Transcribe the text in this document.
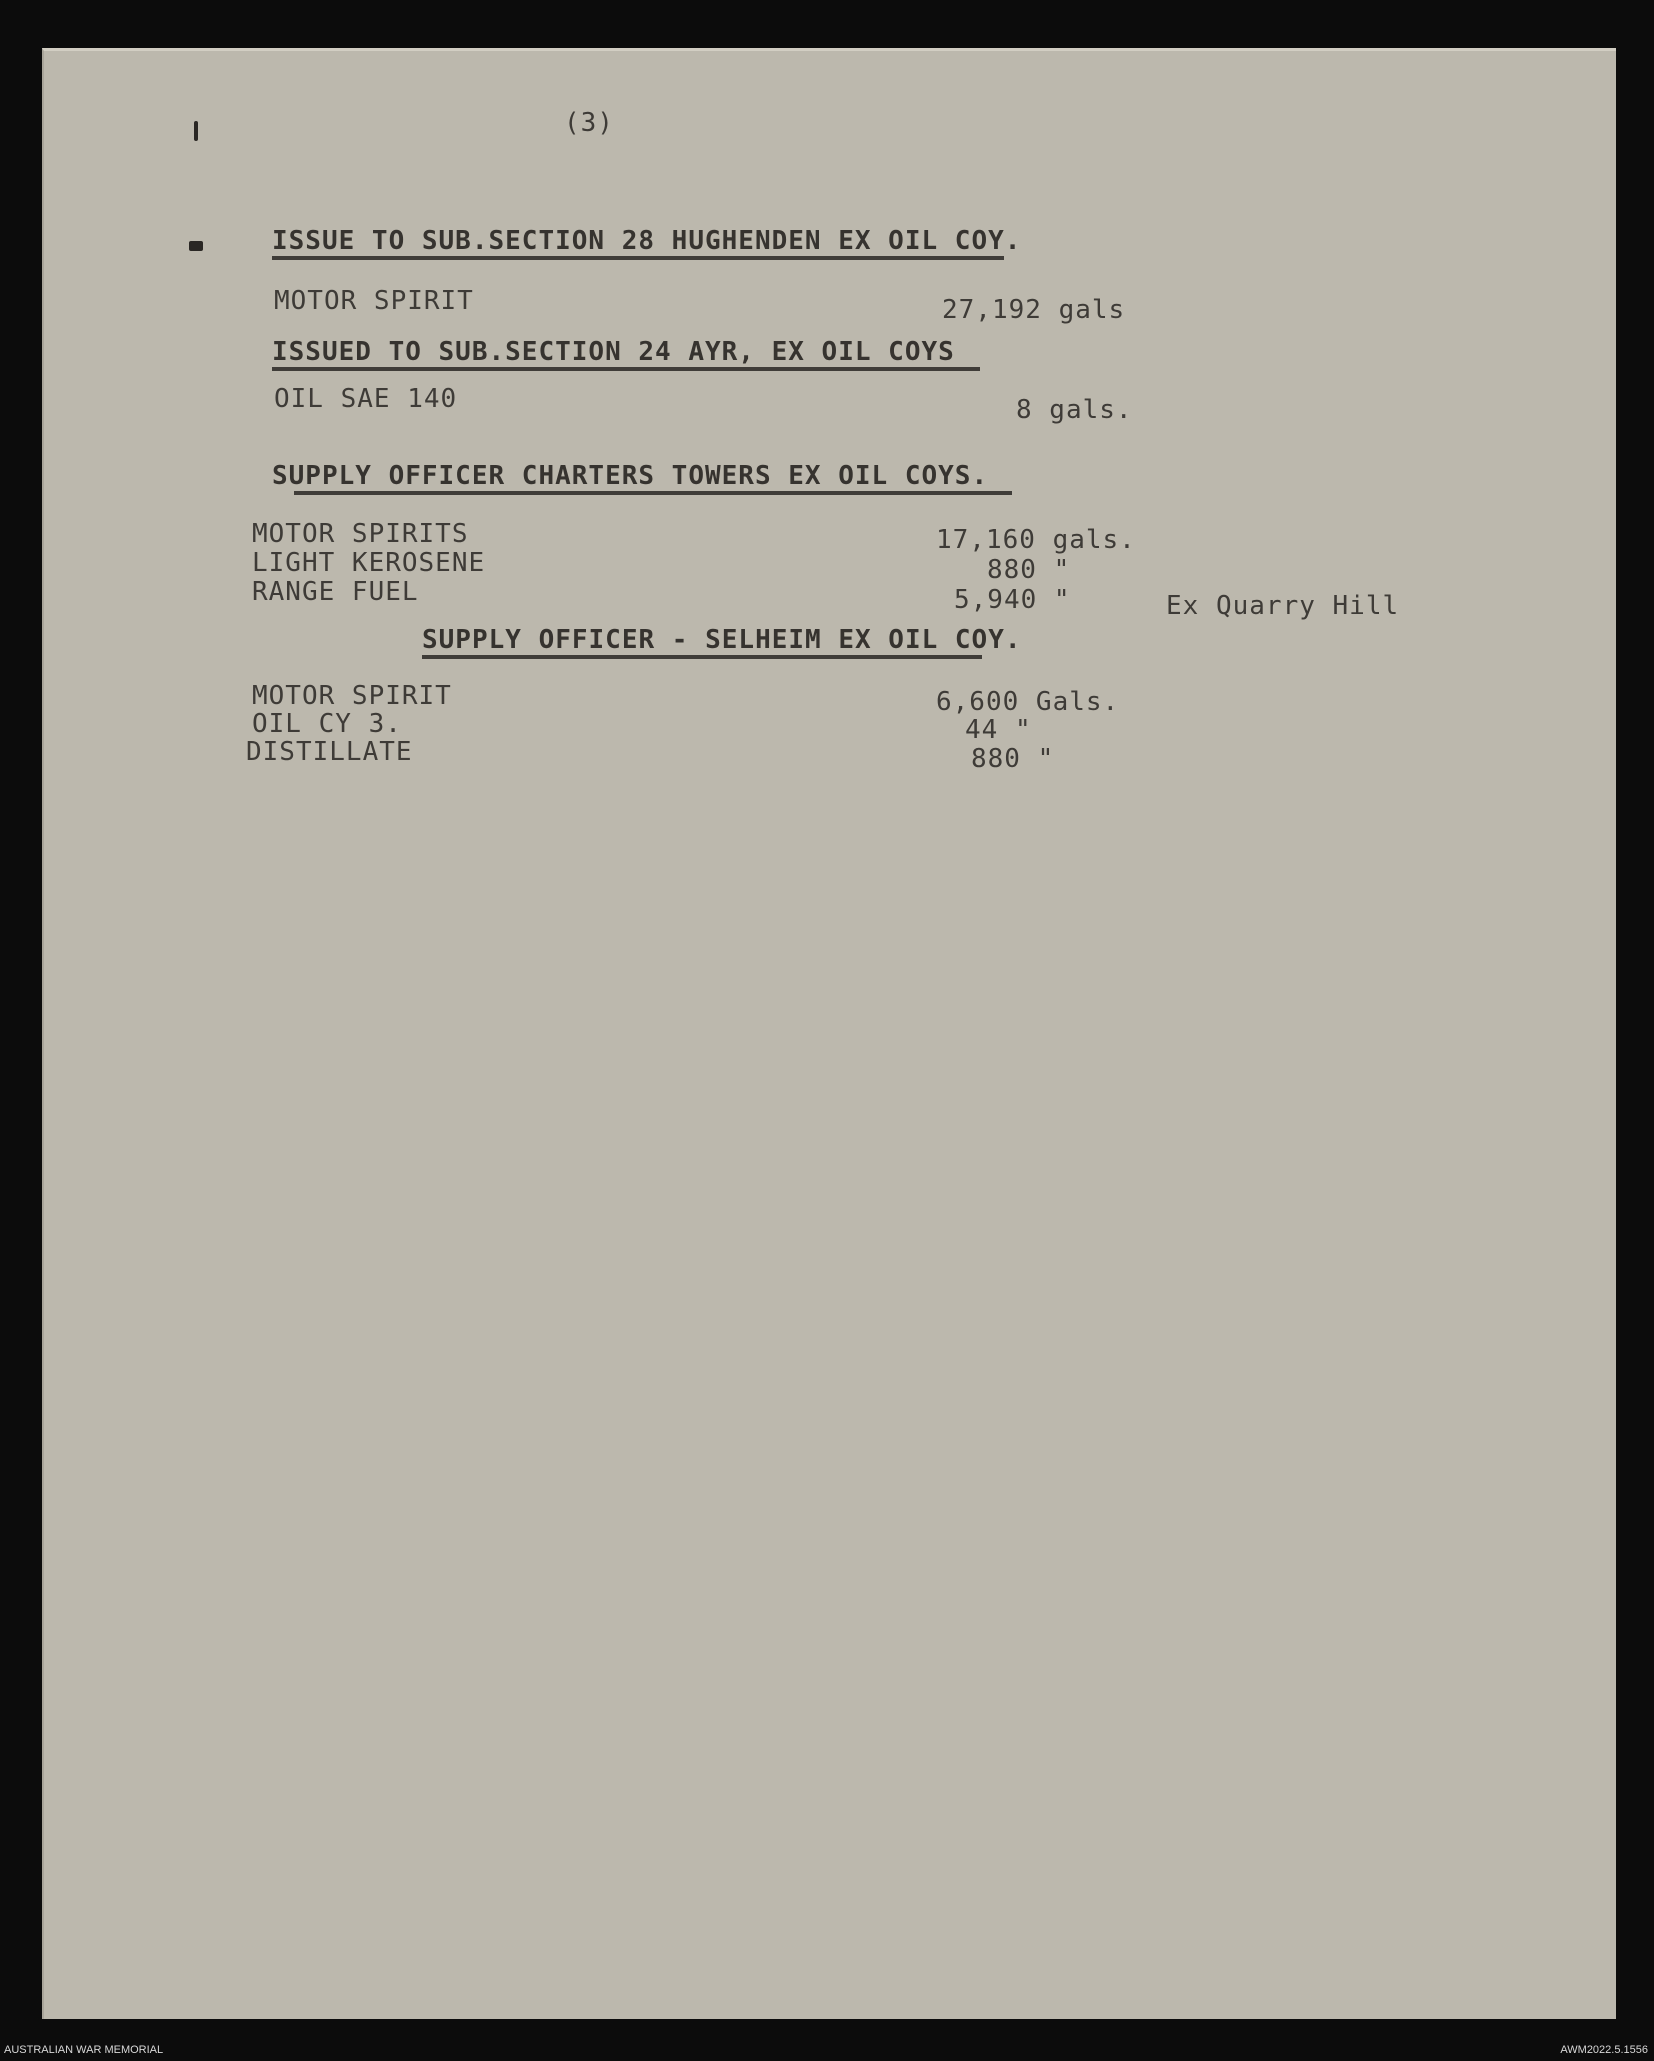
(3)

ISSUE TO SUB.SECTION 28 HUGHENDEN EX OIL COY.

MOTOR SPIRIT	27,192 gals

ISSUED TO SUB.SECTION 24 AYR, EX OIL COYS

OIL SAE 140	8 gals.

SUPPLY OFFICER CHARTERS TOWERS EX OIL COYS.

MOTOR SPIRITS	17,160 gals.

LIGHT KEROSENE	880 "

RANGE FUEL	5,940 "	Ex Quarry Hill

SUPPLY OFFICER - SELHEIM EX OIL COY.

MOTOR SPIRIT	6,600 Gals.

OIL CY 3.	44 "

DISTILLATE	880 "

AUSTRALIAN WAR MEMORIAL	AWM2022.5.1556
